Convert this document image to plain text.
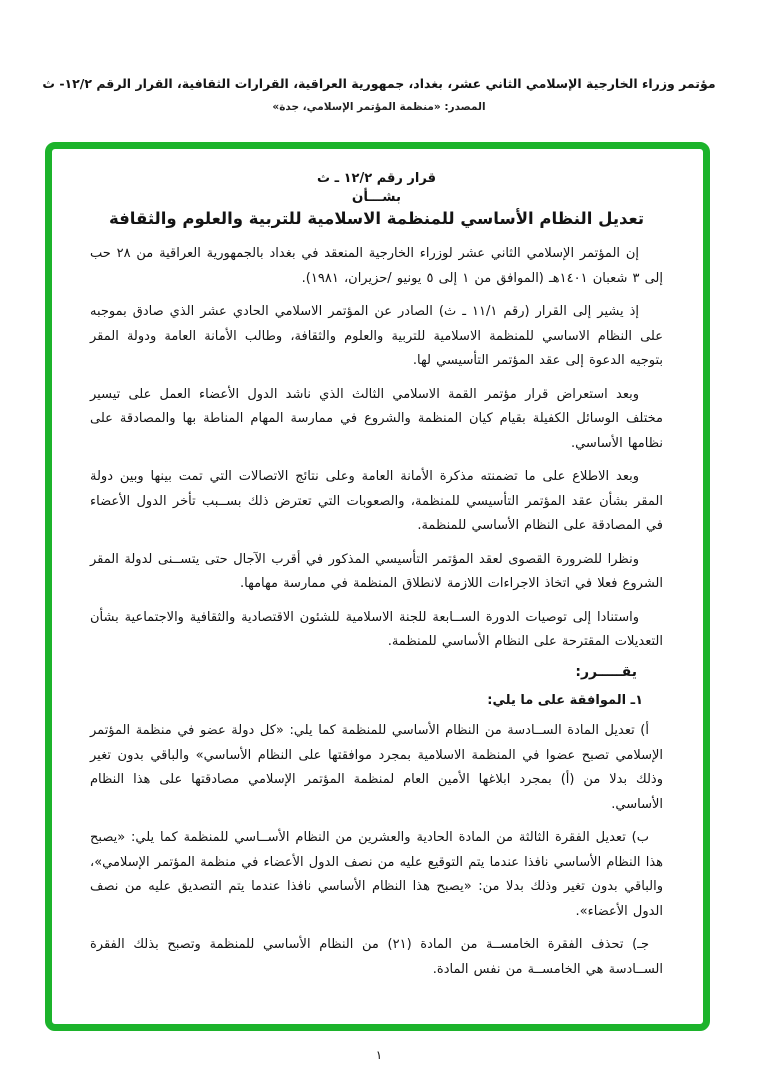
مؤتمر وزراء الخارجية الإسلامي الثاني عشر، بغداد، جمهورية العراقية، القرارات الثقافية، القرار الرقم ١٢/٢- ث
المصدر: «منظمة المؤتمر الإسلامي، جدة»
قرار رقم ١٢/٢ ـ ث
بشـــأن
تعديل النظام الأساسي للمنظمة الاسلامية للتربية والعلوم والثقافة

إن المؤتمر الإسلامي الثاني عشر لوزراء الخارجية المنعقد في بغداد بالجمهورية العراقية من ٢٨ حب إلى ٣ شعبان ١٤٠١هـ (الموافق من ١ إلى ٥ يونيو /حزيران، ١٩٨١).

إذ يشير إلى القرار (رقم ١١/١ ـ ث) الصادر عن المؤتمر الاسلامي الحادي عشر الذي صادق بموجبه على النظام الاساسي للمنظمة الاسلامية للتربية والعلوم والثقافة، وطالب الأمانة العامة ودولة المقر بتوجيه الدعوة إلى عقد المؤتمر التأسيسي لها.

وبعد استعراض قرار مؤتمر القمة الاسلامي الثالث الذي ناشد الدول الأعضاء العمل على تيسير مختلف الوسائل الكفيلة بقيام كيان المنظمة والشروع في ممارسة المهام المناطة بها والمصادقة على نظامها الأساسي.

وبعد الاطلاع على ما تضمنته مذكرة الأمانة العامة وعلى نتائج الاتصالات التي تمت بينها وبين دولة المقر بشأن عقد المؤتمر التأسيسي للمنظمة، والصعوبات التي تعترض ذلك بســبب تأخر الدول الأعضاء في المصادقة على النظام الأساسي للمنظمة.

ونظرا للضرورة القصوى لعقد المؤتمر التأسيسي المذكور في أقرب الآجال حتى يتســنى لدولة المقر الشروع فعلا في اتخاذ الاجراءات اللازمة لانطلاق المنظمة في ممارسة مهامها.

واستنادا إلى توصيات الدورة الســابعة للجنة الاسلامية للشئون الاقتصادية والثقافية والاجتماعية بشأن التعديلات المقترحة على النظام الأساسي للمنظمة.

يقـــــرر:

١ـ الموافقة على ما يلي:

أ) تعديل المادة الســادسة من النظام الأساسي للمنظمة كما يلي: «كل دولة عضو في منظمة المؤتمر الإسلامي تصبح عضوا في المنظمة الاسلامية بمجرد موافقتها على النظام الأساسي» والباقي بدون تغير وذلك بدلا من (أ) بمجرد ابلاغها الأمين العام لمنظمة المؤتمر الإسلامي مصادقتها على هذا النظام الأساسي.

ب) تعديل الفقرة الثالثة من المادة الحادية والعشرين من النظام الأســاسي للمنظمة كما يلي: «يصبح هذا النظام الأساسي نافذا عندما يتم التوقيع عليه من نصف الدول الأعضاء في منظمة المؤتمر الإسلامي»، والباقي بدون تغير وذلك بدلا من: «يصبح هذا النظام الأساسي نافذا عندما يتم التصديق عليه من نصف الدول الأعضاء».

جـ) تحذف الفقرة الخامســة من المادة (٢١) من النظام الأساسي للمنظمة وتصبح بذلك الفقرة الســادسة هي الخامســة من نفس المادة.

١
